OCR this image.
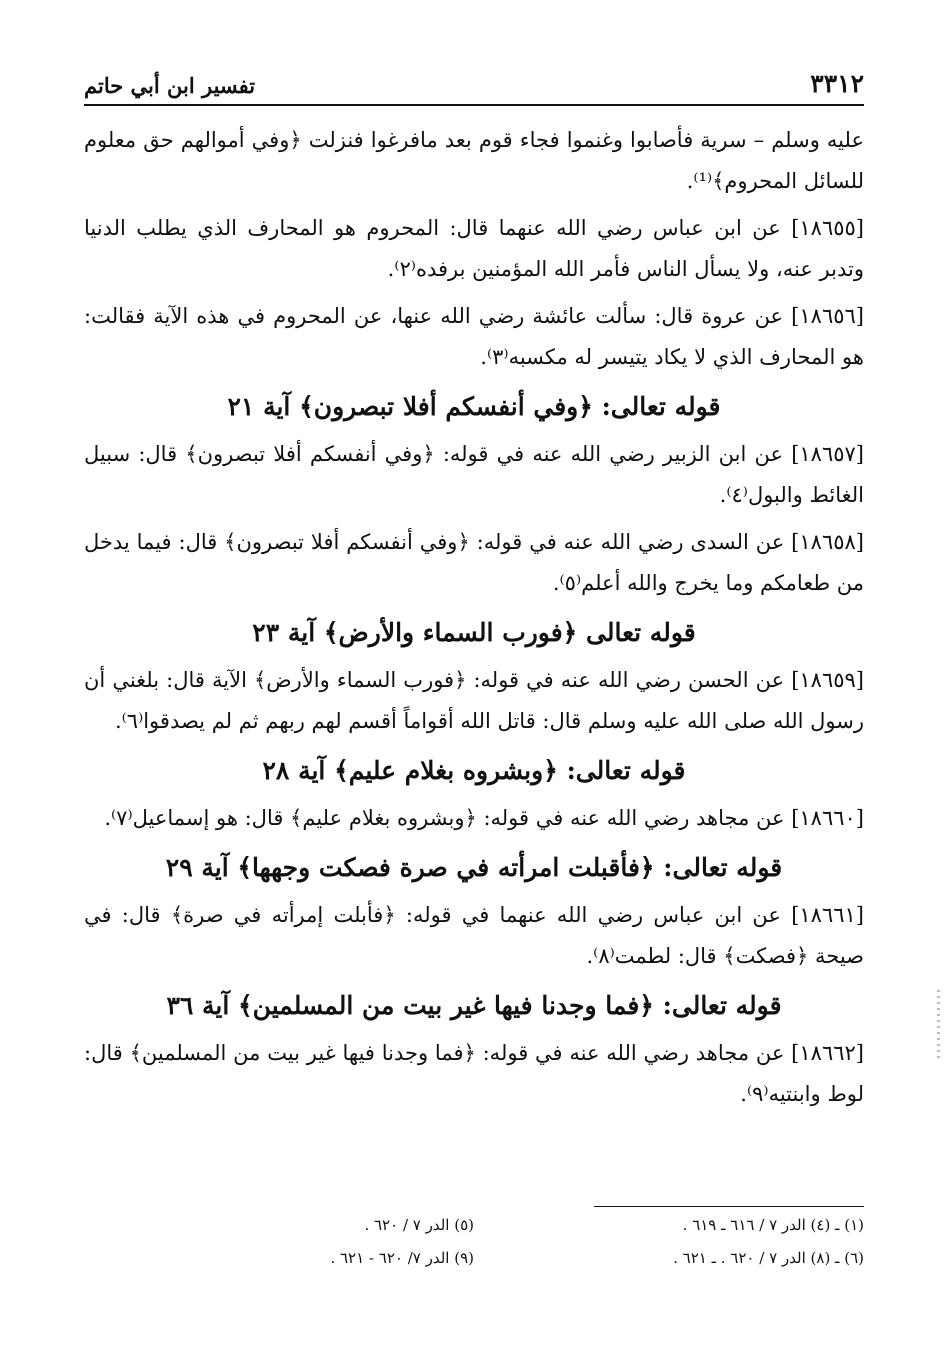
٣٣١٢
تفسير ابن أبي حاتم

عليه وسلم – سرية فأصابوا وغنموا فجاء قوم بعد مافرغوا فنزلت ﴿وفي أموالهم حق معلوم للسائل المحروم﴾⁽¹⁾.

[١٨٦٥٥] عن ابن عباس رضي الله عنهما قال: المحروم هو المحارف الذي يطلب الدنيا وتدبر عنه، ولا يسأل الناس فأمر الله المؤمنين برفده⁽٢⁾.

[١٨٦٥٦] عن عروة قال: سألت عائشة رضي الله عنها، عن المحروم في هذه الآية فقالت: هو المحارف الذي لا يكاد يتيسر له مكسبه⁽٣⁾.

قوله تعالى: ﴿وفي أنفسكم أفلا تبصرون﴾ آية ٢١

[١٨٦٥٧] عن ابن الزبير رضي الله عنه في قوله: ﴿وفي أنفسكم أفلا تبصرون﴾ قال: سبيل الغائط والبول⁽٤⁾.

[١٨٦٥٨] عن السدى رضي الله عنه في قوله: ﴿وفي أنفسكم أفلا تبصرون﴾ قال: فيما يدخل من طعامكم وما يخرج والله أعلم⁽٥⁾.

قوله تعالى ﴿فورب السماء والأرض﴾ آية ٢٣

[١٨٦٥٩] عن الحسن رضي الله عنه في قوله: ﴿فورب السماء والأرض﴾ الآية قال: بلغني أن رسول الله صلى الله عليه وسلم قال: قاتل الله أقواماً أقسم لهم ربهم ثم لم يصدقوا⁽٦⁾.

قوله تعالى: ﴿وبشروه بغلام عليم﴾ آية ٢٨

[١٨٦٦٠] عن مجاهد رضي الله عنه في قوله: ﴿وبشروه بغلام عليم﴾ قال: هو إسماعيل⁽٧⁾.

قوله تعالى: ﴿فأقبلت امرأته في صرة فصكت وجهها﴾ آية ٢٩

[١٨٦٦١] عن ابن عباس رضي الله عنهما في قوله: ﴿فأبلت إمرأته في صرة﴾ قال: في صيحة ﴿فصكت﴾ قال: لطمت⁽٨⁾.

قوله تعالى: ﴿فما وجدنا فيها غير بيت من المسلمين﴾ آية ٣٦

[١٨٦٦٢] عن مجاهد رضي الله عنه في قوله: ﴿فما وجدنا فيها غير بيت من المسلمين﴾ قال: لوط وابنتيه⁽٩⁾.

(١) ـ (٤) الدر ٧ / ٦١٦ ـ ٦١٩ .
(٦) ـ (٨) الدر ٧ / ٦٢٠ . ـ ٦٢١ .
(٥) الدر ٧ / ٦٢٠ .
(٩) الدر ٧/ ٦٢٠ - ٦٢١ .
